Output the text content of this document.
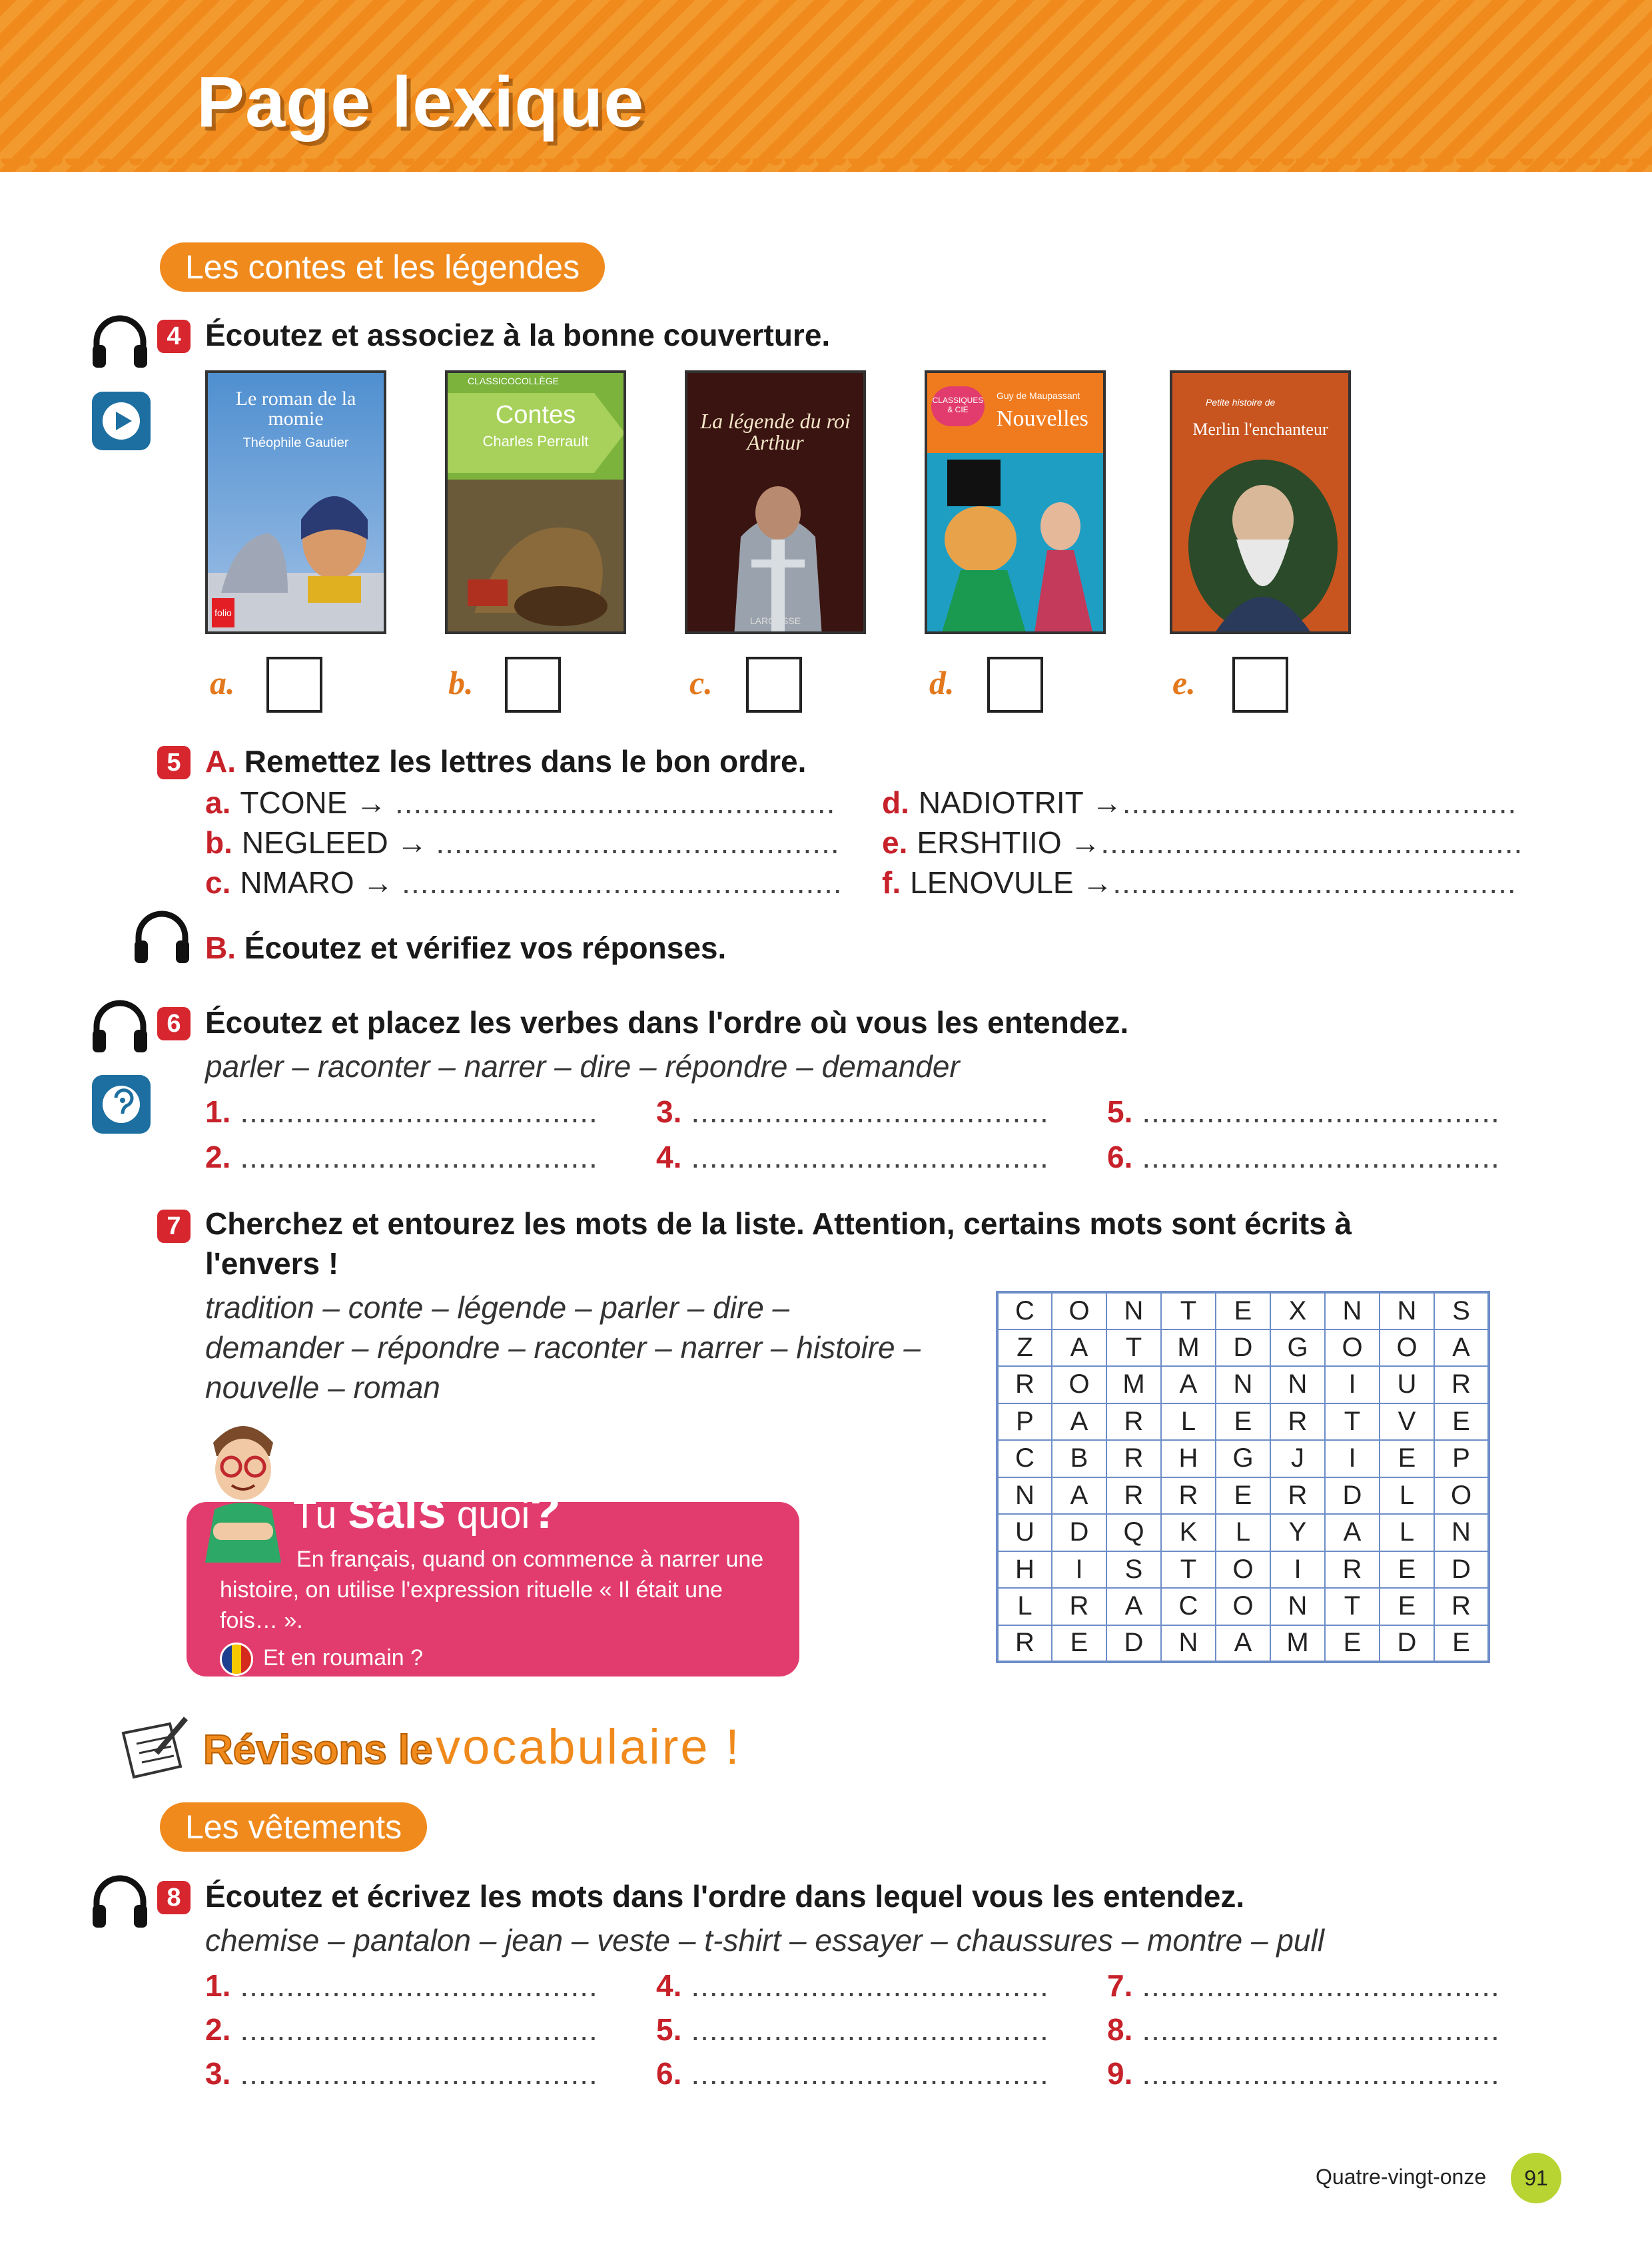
Page lexique
Les contes et les légendes
4 Écoutez et associez à la bonne couverture.
Le roman de la momie
Théophile Gautier
folio
CLASSICOCOLLÈGE
Contes
Charles Perrault
La légende du roi Arthur
LAROUSSE
CLASSIQUES & CIE
Guy de Maupassant
Nouvelles
Petite histoire de
Merlin l'enchanteur
a.	b.	c.	d.	e.
5 A. Remettez les lettres dans le bon ordre.
a. TCONE → ................................................
b. NEGLEED → ............................................
c. NMARO → ................................................
d. NADIOTRIT →...........................................
e. ERSHTIIO →..............................................
f. LENOVULE →............................................
B. Écoutez et vérifiez vos réponses.
6 Écoutez et placez les verbes dans l'ordre où vous les entendez.
parler – raconter – narrer – dire – répondre – demander
1. .......................................
2. .......................................
3. .......................................
4. .......................................
5. .......................................
6. .......................................
7 Cherchez et entourez les mots de la liste. Attention, certains mots sont écrits à
l'envers !
tradition – conte – légende – parler – dire –
demander – répondre – raconter – narrer – histoire –
nouvelle – roman
C	O	N	T	E	X	N	N	S
Z	A	T	M	D	G	O	O	A
R	O	M	A	N	N	I	U	R
P	A	R	L	E	R	T	V	E
C	B	R	H	G	J	I	E	P
N	A	R	R	E	R	D	L	O
U	D	Q	K	L	Y	A	L	N
H	I	S	T	O	I	R	E	D
L	R	A	C	O	N	T	E	R
R	E	D	N	A	M	E	D	E
Tu sais quoi?

En français, quand on commence à narrer une histoire, on utilise l'expression rituelle « Il était une fois… ».

Et en roumain ?
Révisons le vocabulaire !
Les vêtements
8 Écoutez et écrivez les mots dans l'ordre dans lequel vous les entendez.
chemise – pantalon – jean – veste – t-shirt – essayer – chaussures – montre – pull
1. .......................................
2. .......................................
3. .......................................
4. .......................................
5. .......................................
6. .......................................
7. .......................................
8. .......................................
9. .......................................
Quatre-vingt-onze	91
